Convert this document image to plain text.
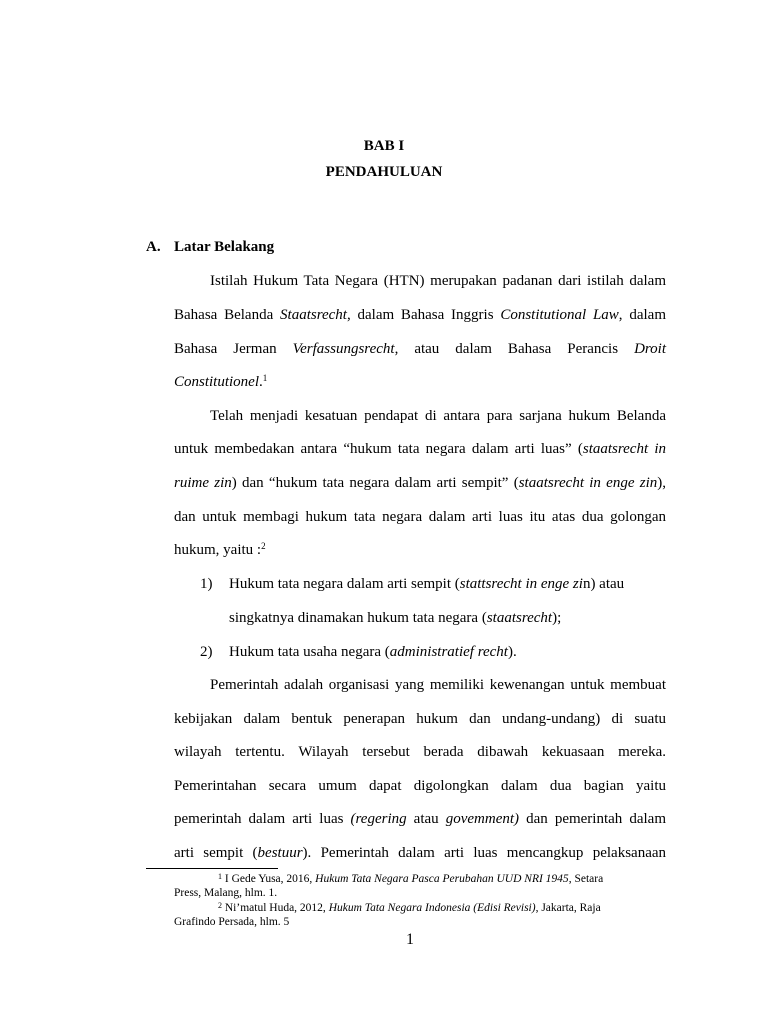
BAB I
PENDAHULUAN
A. Latar Belakang
Istilah Hukum Tata Negara (HTN) merupakan padanan dari istilah dalam
Bahasa Belanda Staatsrecht, dalam Bahasa Inggris Constitutional Law, dalam
Bahasa Jerman Verfassungsrecht, atau dalam Bahasa Perancis Droit
Constitutionel.$^1$
Telah menjadi kesatuan pendapat di antara para sarjana hukum Belanda
untuk membedakan antara “hukum tata negara dalam arti luas” (staatsrecht in
ruime zin) dan “hukum tata negara dalam arti sempit” (staatsrecht in enge zin),
dan untuk membagi hukum tata negara dalam arti luas itu atas dua golongan
hukum, yaitu :$^2$
1) Hukum tata negara dalam arti sempit (stattsrecht in enge zin) atau
singkatnya dinamakan hukum tata negara (staatsrecht);
2) Hukum tata usaha negara (administratief recht).
Pemerintah adalah organisasi yang memiliki kewenangan untuk membuat
kebijakan dalam bentuk penerapan hukum dan undang-undang) di suatu
wilayah tertentu. Wilayah tersebut berada dibawah kekuasaan mereka.
Pemerintahan secara umum dapat digolongkan dalam dua bagian yaitu
pemerintah dalam arti luas (regering atau govemment) dan pemerintah dalam
arti sempit (bestuur). Pemerintah dalam arti luas mencangkup pelaksanaan
$^1$ I Gede Yusa, 2016, Hukum Tata Negara Pasca Perubahan UUD NRI 1945, Setara
Press, Malang, hlm. 1.
$^2$ Ni’matul Huda, 2012, Hukum Tata Negara Indonesia (Edisi Revisi), Jakarta, Raja
Grafindo Persada, hlm. 5
1
